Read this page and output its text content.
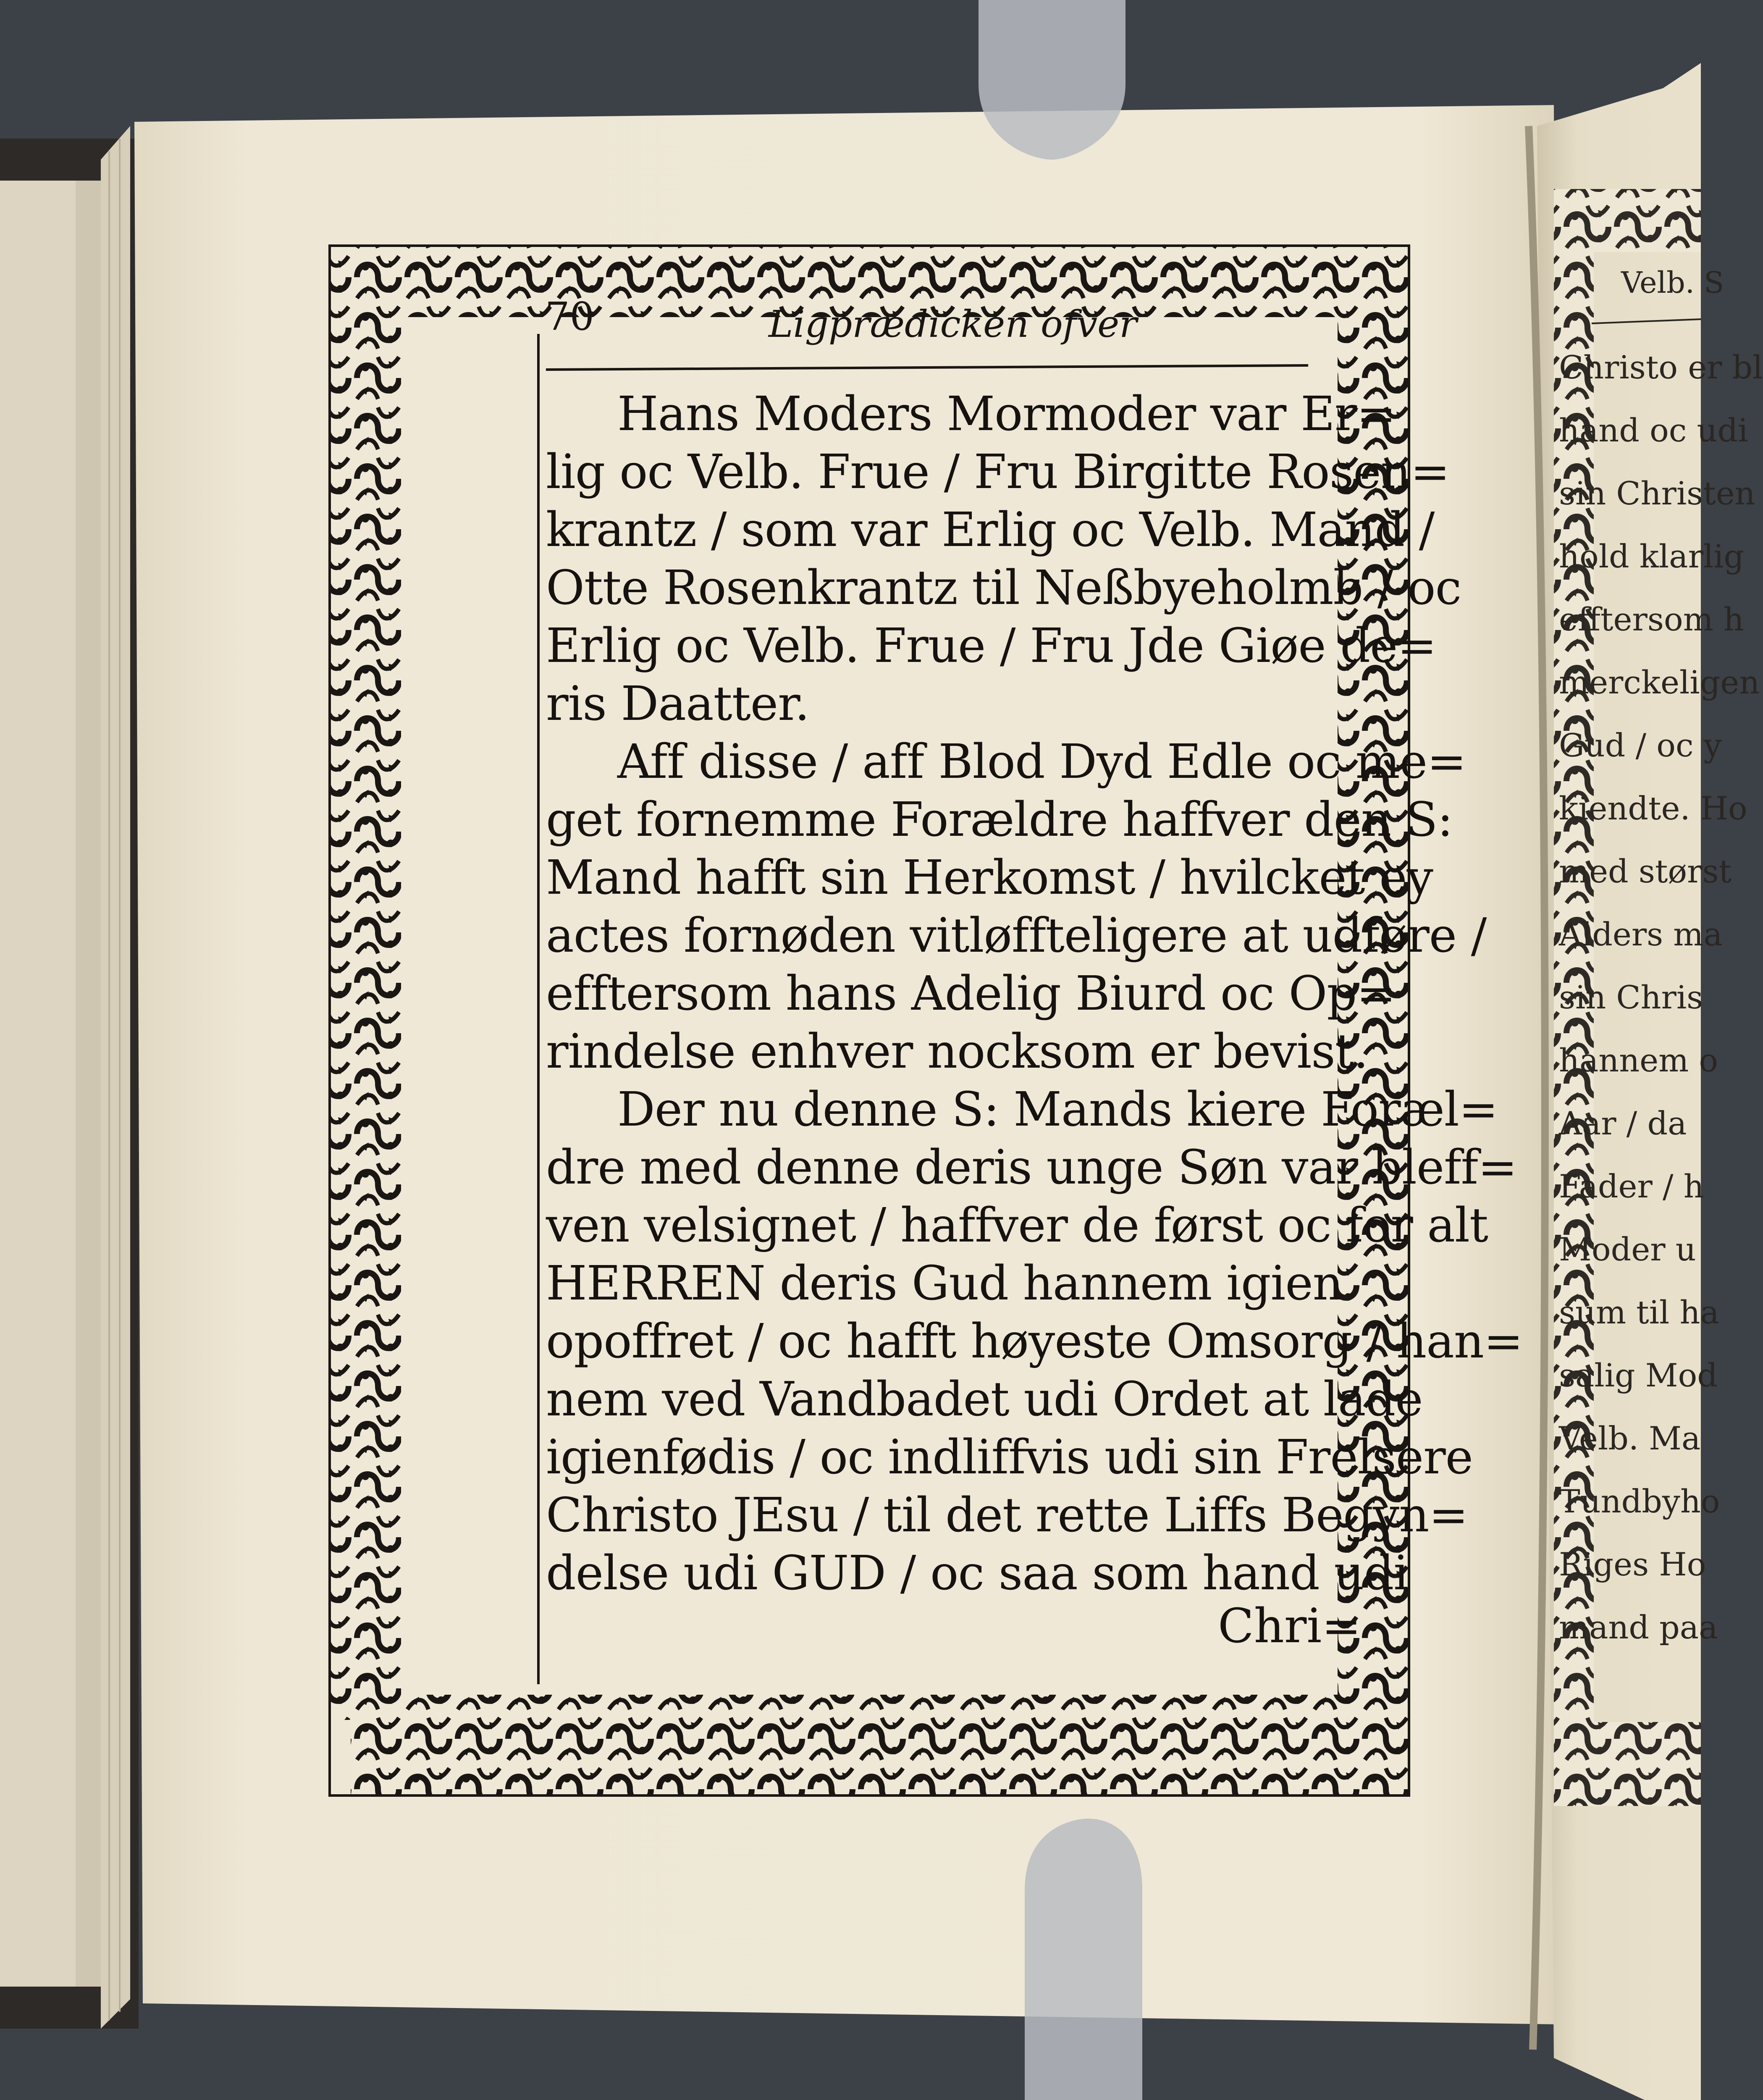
70	Ligprædicken ofver
Hans Moders Mormoder var Er=
lig oc Velb. Frue / Fru Birgitte Rosen=
krantz / som var Erlig oc Velb. Mand /
Otte Rosenkrantz til Neßbyeholmb / oc
Erlig oc Velb. Frue / Fru Jde Giøe de=
ris Daatter.
Aff disse / aff Blod Dyd Edle oc me=
get fornemme Forældre haffver den S:
Mand hafft sin Herkomst / hvilcket ey
actes fornøden vitløffteligere at udføre /
efftersom hans Adelig Biurd oc Op=
rindelse enhver nocksom er bevist.
Der nu denne S: Mands kiere Foræl=
dre med denne deris unge Søn var bleff=
ven velsignet / haffver de først oc for alt
HERREN deris Gud hannem igien
opoffret / oc hafft høyeste Omsorg / han=
nem ved Vandbadet udi Ordet at lade
igienfødis / oc indliffvis udi sin Frelsere
Christo JEsu / til det rette Liffs Begyn=
delse udi GUD / oc saa som hand udi
Chri=
Velb. S
Christo er bl
hand oc udi
sin Christen
hold klarlig
efftersom h
merckeligen
Gud / oc y
kiendte. Ho
med størst
Alders ma
sin Chris
hannem o
Aar / da
Fader / h
Moder u
sum til ha
salig Mod
Velb. Ma
Tundbyho
Riges Ho
mand paa
